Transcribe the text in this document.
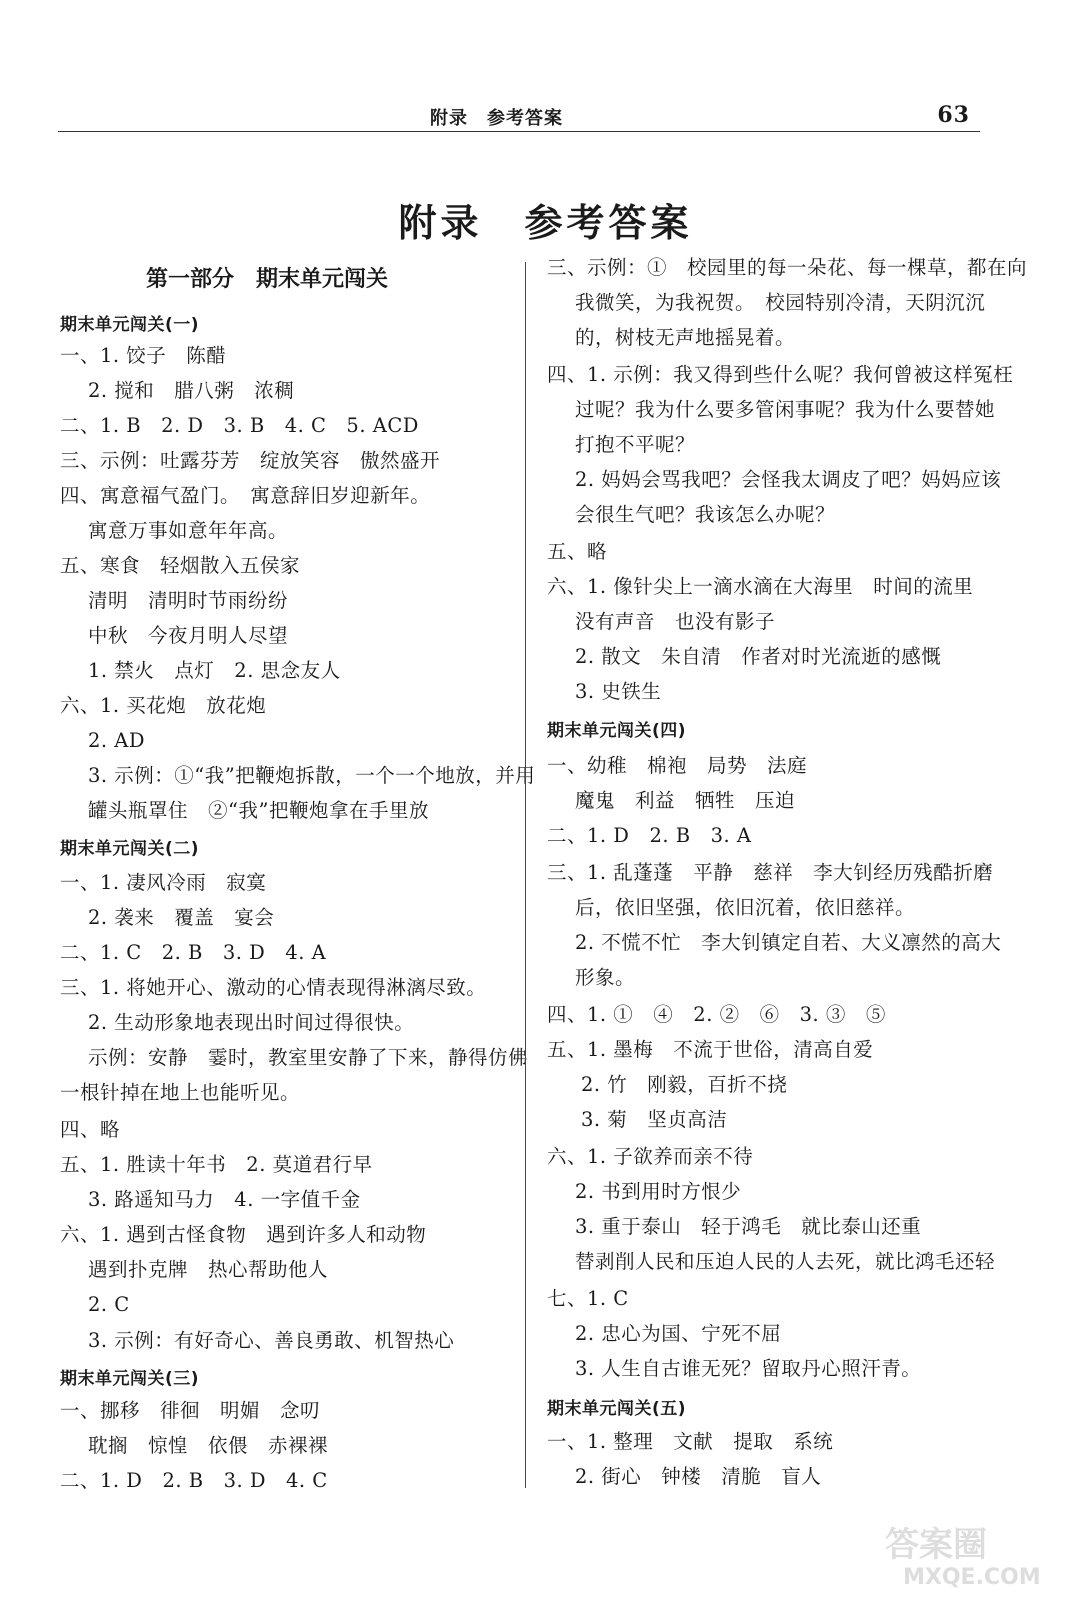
附录　参考答案	63
附录　参考答案
第一部分　期末单元闯关
期末单元闯关(一)
一、1. 饺子　陈醋
2. 搅和　腊八粥　浓稠
二、1. B　2. D　3. B　4. C　5. ACD
三、示例：吐露芬芳　绽放笑容　傲然盛开
四、寓意福气盈门。　寓意辞旧岁迎新年。
寓意万事如意年年高。
五、寒食　轻烟散入五侯家
清明　清明时节雨纷纷
中秋　今夜月明人尽望
1. 禁火　点灯　2. 思念友人
六、1. 买花炮　放花炮
2. AD
3. 示例：①“我”把鞭炮拆散，一个一个地放，并用
罐头瓶罩住　②“我”把鞭炮拿在手里放
期末单元闯关(二)
一、1. 凄风冷雨　寂寞
2. 袭来　覆盖　宴会
二、1. C　2. B　3. D　4. A
三、1. 将她开心、激动的心情表现得淋漓尽致。
2. 生动形象地表现出时间过得很快。
示例：安静　霎时，教室里安静了下来，静得仿佛
一根针掉在地上也能听见。
四、略
五、1. 胜读十年书　2. 莫道君行早
3. 路遥知马力　4. 一字值千金
六、1. 遇到古怪食物　遇到许多人和动物
遇到扑克牌　热心帮助他人
2. C
3. 示例：有好奇心、善良勇敢、机智热心
期末单元闯关(三)
一、挪移　徘徊　明媚　念叨
耽搁　惊惶　依偎　赤裸裸
二、1. D　2. B　3. D　4. C
三、示例：①　校园里的每一朵花、每一棵草，都在向
我微笑，为我祝贺。　校园特别冷清，天阴沉沉
的，树枝无声地摇晃着。
四、1. 示例：我又得到些什么呢？我何曾被这样冤枉
过呢？我为什么要多管闲事呢？我为什么要替她
打抱不平呢？
2. 妈妈会骂我吧？会怪我太调皮了吧？妈妈应该
会很生气吧？我该怎么办呢？
五、略
六、1. 像针尖上一滴水滴在大海里　时间的流里
没有声音　也没有影子
2. 散文　朱自清　作者对时光流逝的感慨
3. 史铁生
期末单元闯关(四)
一、幼稚　棉袍　局势　法庭
魔鬼　利益　牺牲　压迫
二、1. D　2. B　3. A
三、1. 乱蓬蓬　平静　慈祥　李大钊经历残酷折磨
后，依旧坚强，依旧沉着，依旧慈祥。
2. 不慌不忙　李大钊镇定自若、大义凛然的高大
形象。
四、1. ①　④　2. ②　⑥　3. ③　⑤
五、1. 墨梅　不流于世俗，清高自爱
2. 竹　刚毅，百折不挠
3. 菊　坚贞高洁
六、1. 子欲养而亲不待
2. 书到用时方恨少
3. 重于泰山　轻于鸿毛　就比泰山还重
替剥削人民和压迫人民的人去死，就比鸿毛还轻
七、1. C
2. 忠心为国、宁死不屈
3. 人生自古谁无死？留取丹心照汗青。
期末单元闯关(五)
一、1. 整理　文献　提取　系统
2. 街心　钟楼　清脆　盲人
答案圈
MXQE.COM
